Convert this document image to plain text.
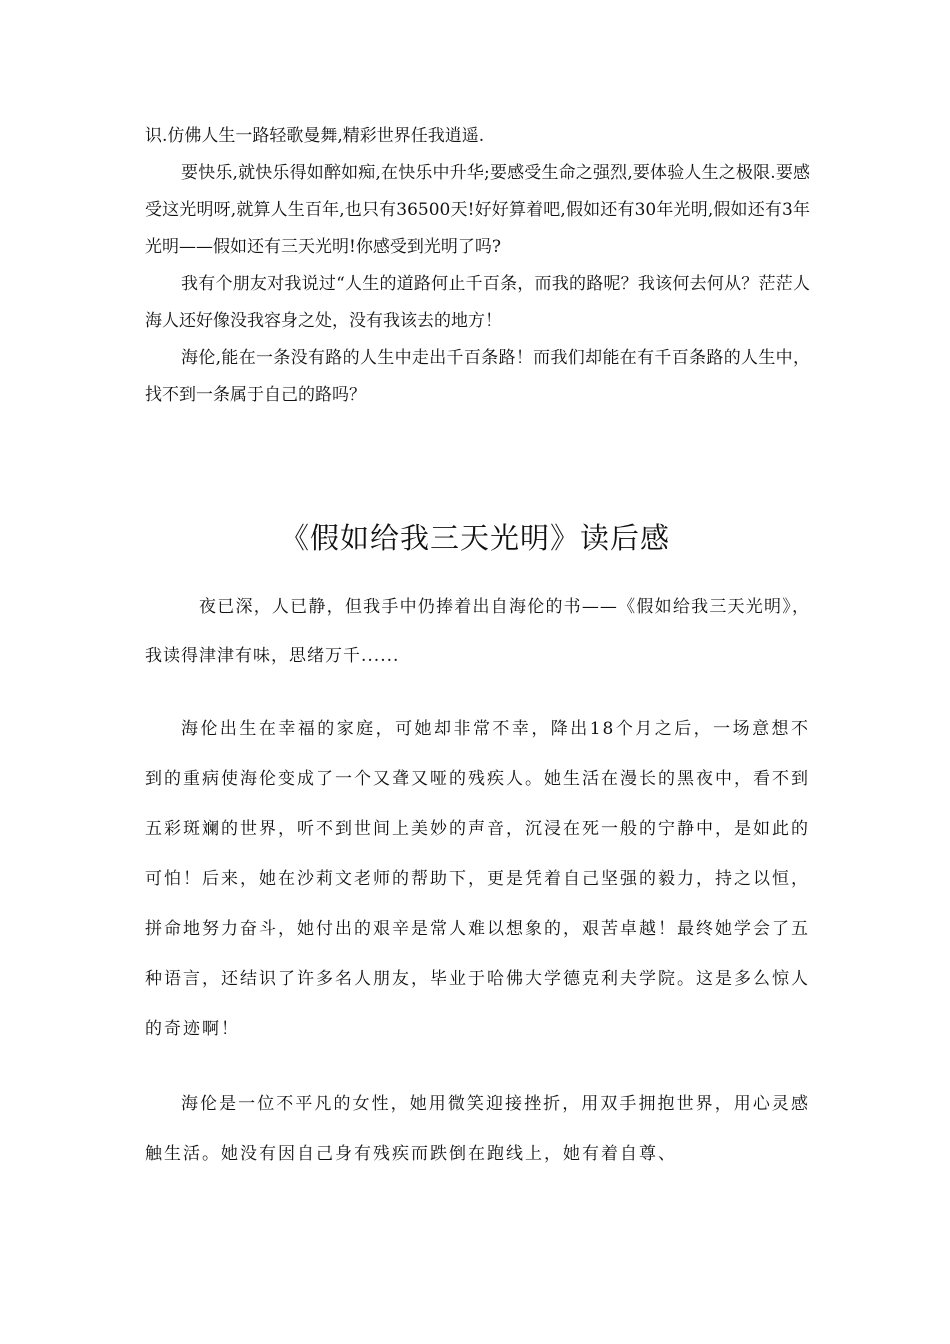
识.仿佛人生一路轻歌曼舞,精彩世界任我逍遥.
要快乐,就快乐得如醉如痴,在快乐中升华;要感受生命之强烈,要体验人生之极限.要感受这光明呀,就算人生百年,也只有36500天!好好算着吧,假如还有30年光明,假如还有3年光明——假如还有三天光明!你感受到光明了吗?
我有个朋友对我说过“人生的道路何止千百条，而我的路呢？我该何去何从？茫茫人海人还好像没我容身之处，没有我该去的地方！
海伦,能在一条没有路的人生中走出千百条路！而我们却能在有千百条路的人生中，找不到一条属于自己的路吗？
《假如给我三天光明》读后感

夜已深，人已静，但我手中仍捧着出自海伦的书——《假如给我三天光明》，我读得津津有味，思绪万千......

海伦出生在幸福的家庭，可她却非常不幸，降出18个月之后，一场意想不到的重病使海伦变成了一个又聋又哑的残疾人。她生活在漫长的黑夜中，看不到五彩斑斓的世界，听不到世间上美妙的声音，沉浸在死一般的宁静中，是如此的可怕！后来，她在沙莉文老师的帮助下，更是凭着自己坚强的毅力，持之以恒，拼命地努力奋斗，她付出的艰辛是常人难以想象的，艰苦卓越！最终她学会了五种语言，还结识了许多名人朋友，毕业于哈佛大学德克利夫学院。这是多么惊人的奇迹啊！

海伦是一位不平凡的女性，她用微笑迎接挫折，用双手拥抱世界，用心灵感触生活。她没有因自己身有残疾而跌倒在跑线上，她有着自尊、
